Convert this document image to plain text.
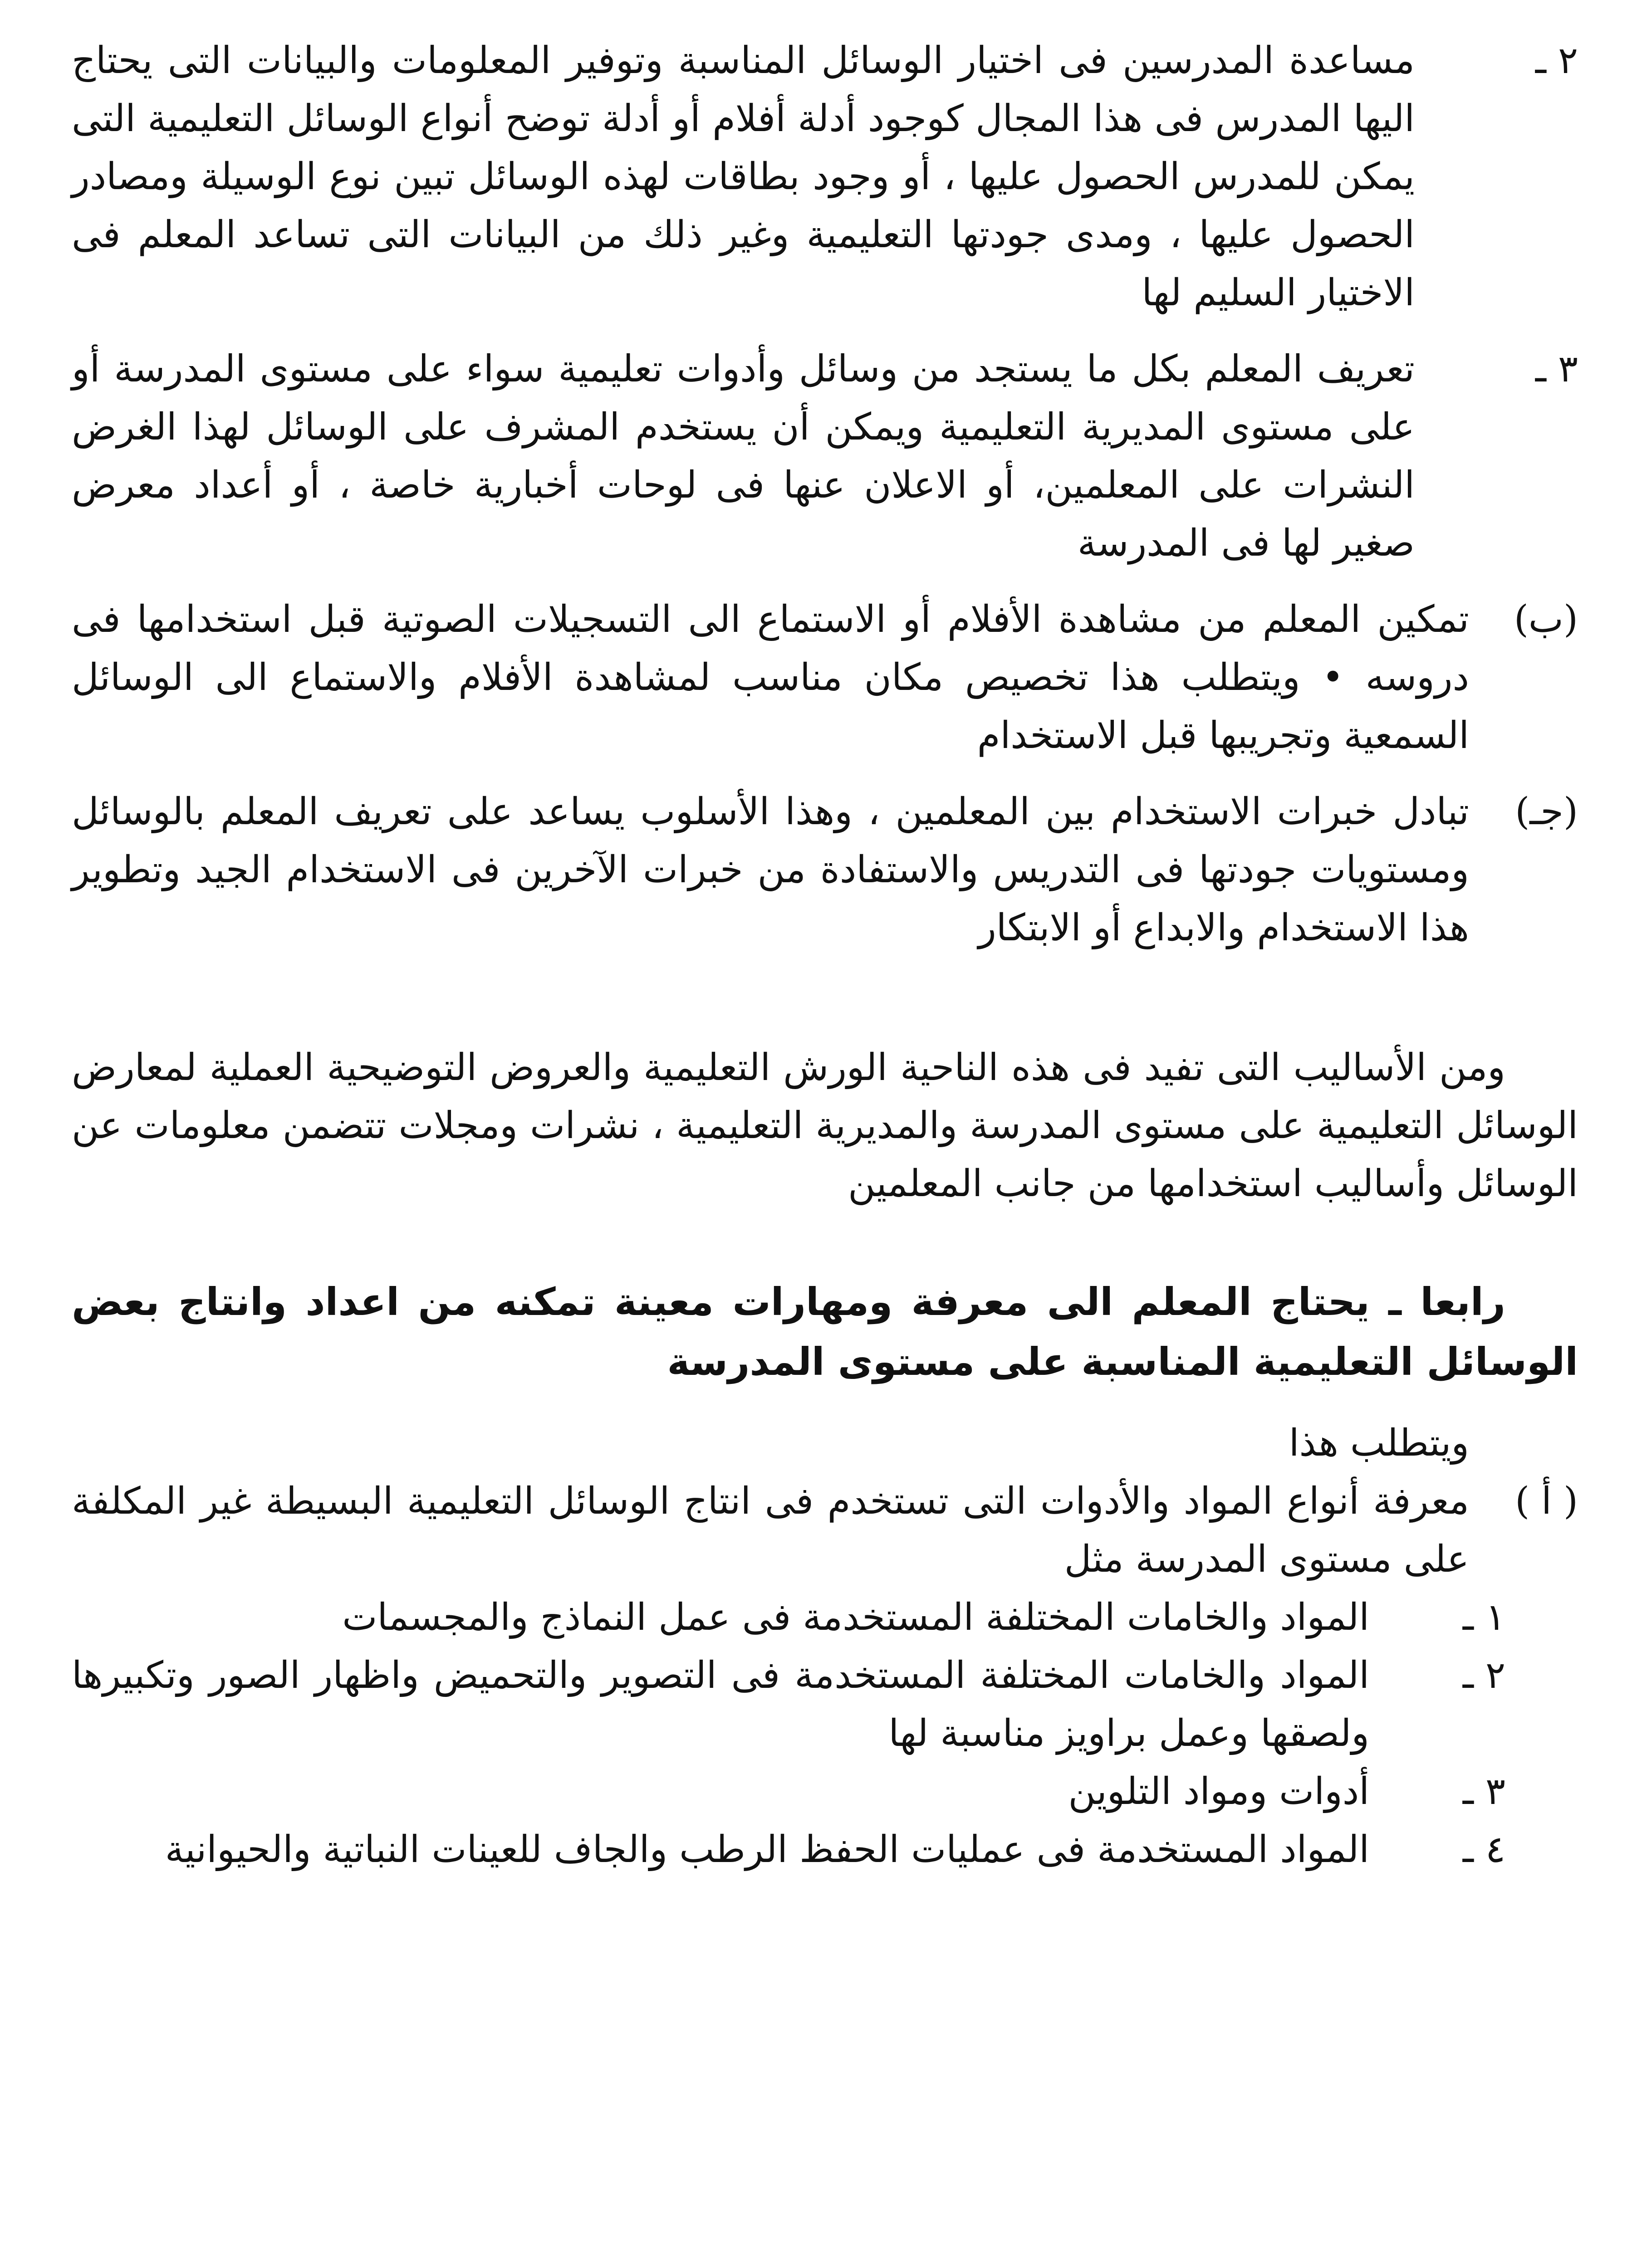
٢ ـ

مساعدة المدرسين فى اختيار الوسائل المناسبة وتوفير المعلومات والبيانات التى يحتاج اليها المدرس فى هذا المجال كوجود أدلة أفلام أو أدلة توضح أنواع الوسائل التعليمية التى يمكن للمدرس الحصول عليها ، أو وجود بطاقات لهذه الوسائل تبين نوع الوسيلة ومصادر الحصول عليها ، ومدى جودتها التعليمية وغير ذلك من البيانات التى تساعد المعلم فى الاختيار السليم لها

٣ ـ

تعريف المعلم بكل ما يستجد من وسائل وأدوات تعليمية سواء على مستوى المدرسة أو على مستوى المديرية التعليمية ويمكن أن يستخدم المشرف على الوسائل لهذا الغرض النشرات على المعلمين، أو الاعلان عنها فى لوحات أخبارية خاصة ، أو أعداد معرض صغير لها فى المدرسة

(ب)

تمكين المعلم من مشاهدة الأفلام أو الاستماع الى التسجيلات الصوتية قبل استخدامها فى دروسه • ويتطلب هذا تخصيص مكان مناسب لمشاهدة الأفلام والاستماع الى الوسائل السمعية وتجريبها قبل الاستخدام

(جـ)

تبادل خبرات الاستخدام بين المعلمين ، وهذا الأسلوب يساعد على تعريف المعلم بالوسائل ومستويات جودتها فى التدريس والاستفادة من خبرات الآخرين فى الاستخدام الجيد وتطوير هذا الاستخدام والابداع أو الابتكار

ومن الأساليب التى تفيد فى هذه الناحية الورش التعليمية والعروض التوضيحية العملية لمعارض الوسائل التعليمية على مستوى المدرسة والمديرية التعليمية ، نشرات ومجلات تتضمن معلومات عن الوسائل وأساليب استخدامها من جانب المعلمين

رابعا ـ يحتاج المعلم الى معرفة ومهارات معينة تمكنه من اعداد وانتاج بعض الوسائل التعليمية المناسبة على مستوى المدرسة

ويتطلب هذا

( أ )

معرفة أنواع المواد والأدوات التى تستخدم فى انتاج الوسائل التعليمية البسيطة غير المكلفة على مستوى المدرسة مثل

١ ـ

المواد والخامات المختلفة المستخدمة فى عمل النماذج والمجسمات

٢ ـ

المواد والخامات المختلفة المستخدمة فى التصوير والتحميض واظهار الصور وتكبيرها ولصقها وعمل براويز مناسبة لها

٣ ـ

أدوات ومواد التلوين

٤ ـ

المواد المستخدمة فى عمليات الحفظ الرطب والجاف للعينات النباتية والحيوانية
